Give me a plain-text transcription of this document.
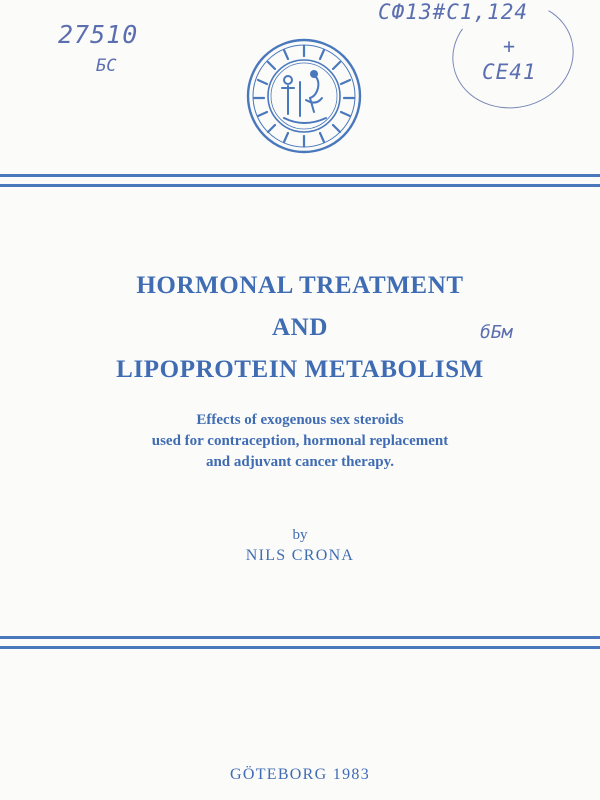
27510
БС
СФ13#С1,124
+
СЕ41
бБм
HORMONAL TREATMENT
AND
LIPOPROTEIN METABOLISM
Effects of exogenous sex steroids
used for contraception, hormonal replacement
and adjuvant cancer therapy.
by
NILS CRONA
GÖTEBORG 1983
